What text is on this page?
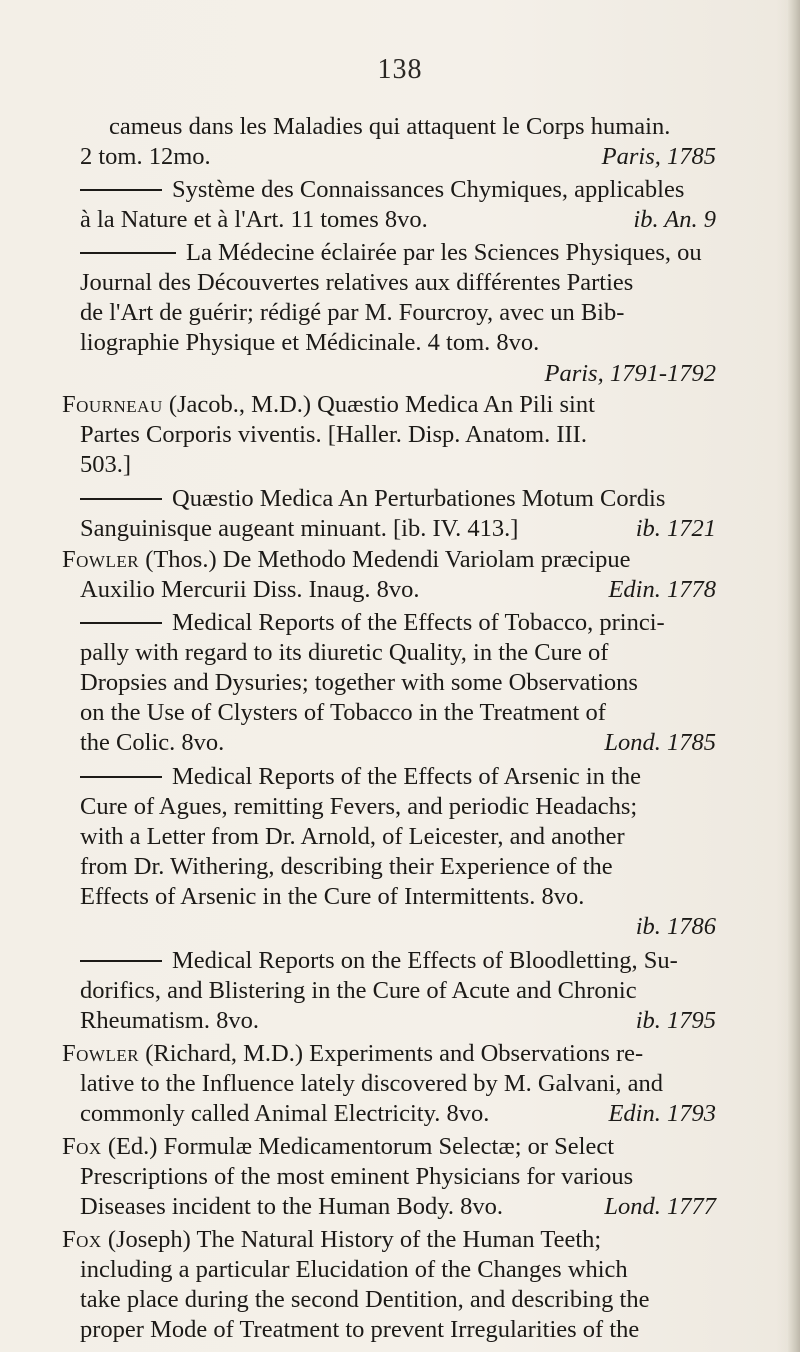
138
cameus dans les Maladies qui attaquent le Corps humain.
2 tom. 12mo.	Paris, 1785
Système des Connaissances Chymiques, applicables
à la Nature et à l'Art. 11 tomes 8vo.	ib. An. 9
La Médecine éclairée par les Sciences Physiques, ou
Journal des Découvertes relatives aux différentes Parties
de l'Art de guérir; rédigé par M. Fourcroy, avec un Bib-
liographie Physique et Médicinale. 4 tom. 8vo.
Paris, 1791-1792
Fourneau (Jacob., M.D.) Quæstio Medica An Pili sint
Partes Corporis viventis. [Haller. Disp. Anatom. III.
503.]
Quæstio Medica An Perturbationes Motum Cordis
Sanguinisque augeant minuant. [ib. IV. 413.]	ib. 1721
Fowler (Thos.) De Methodo Medendi Variolam præcipue
Auxilio Mercurii Diss. Inaug. 8vo.	Edin. 1778
Medical Reports of the Effects of Tobacco, princi-
pally with regard to its diuretic Quality, in the Cure of
Dropsies and Dysuries; together with some Observations
on the Use of Clysters of Tobacco in the Treatment of
the Colic. 8vo.	Lond. 1785
Medical Reports of the Effects of Arsenic in the
Cure of Agues, remitting Fevers, and periodic Headachs;
with a Letter from Dr. Arnold, of Leicester, and another
from Dr. Withering, describing their Experience of the
Effects of Arsenic in the Cure of Intermittents. 8vo.
ib. 1786
Medical Reports on the Effects of Bloodletting, Su-
dorifics, and Blistering in the Cure of Acute and Chronic
Rheumatism. 8vo.	ib. 1795
Fowler (Richard, M.D.) Experiments and Observations re-
lative to the Influence lately discovered by M. Galvani, and
commonly called Animal Electricity. 8vo.	Edin. 1793
Fox (Ed.) Formulæ Medicamentorum Selectæ; or Select
Prescriptions of the most eminent Physicians for various
Diseases incident to the Human Body. 8vo.	Lond. 1777
Fox (Joseph) The Natural History of the Human Teeth;
including a particular Elucidation of the Changes which
take place during the second Dentition, and describing the
proper Mode of Treatment to prevent Irregularities of the
